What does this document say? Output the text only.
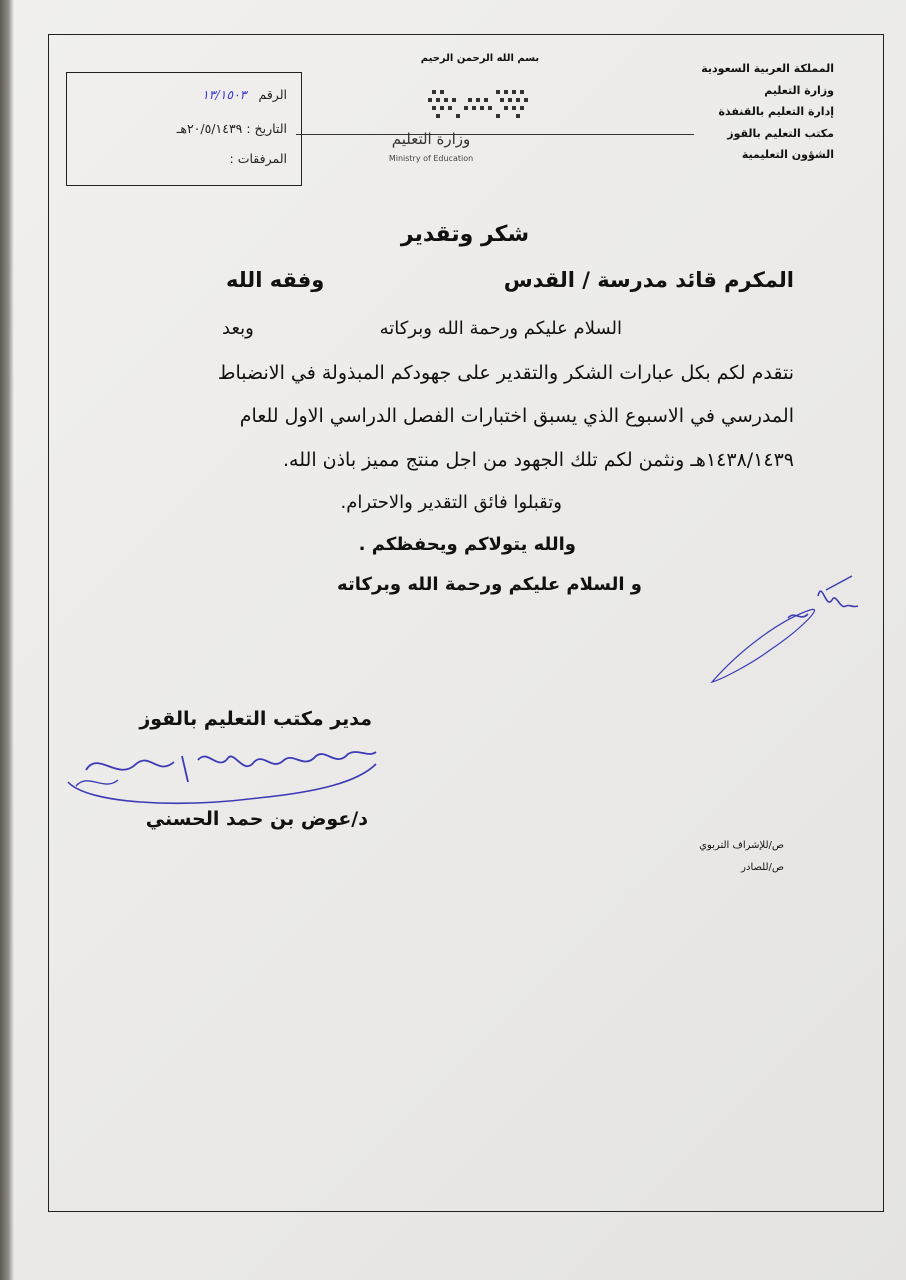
بسم الله الرحمن الرحيم
وزارة التعليم
Ministry of Education
المملكة العربية السعودية
وزارة التعليم
إدارة التعليم بالقنفذة
مكتب التعليم بالقوز
الشؤون التعليمية
الرقم ١٣/١٥٠٣
التاريخ : ٢٠/٥/١٤٣٩هـ
المرفقات :
شكر وتقدير
المكرم قائد مدرسة / القدس
وفقه الله
السلام عليكم ورحمة الله وبركاته
وبعد
نتقدم لكم بكل عبارات الشكر والتقدير على جهودكم المبذولة في الانضباط
المدرسي في الاسبوع الذي يسبق اختبارات الفصل الدراسي الاول للعام
١٤٣٨/١٤٣٩هـ ونثمن لكم تلك الجهود من اجل منتج مميز باذن الله.
وتقبلوا فائق التقدير والاحترام.
والله يتولاكم ويحفظكم .
و السلام عليكم ورحمة الله وبركاته
مدير مكتب التعليم بالقوز
د/عوض بن حمد الحسني
ص/للإشراف التربوي
ص/للصادر
